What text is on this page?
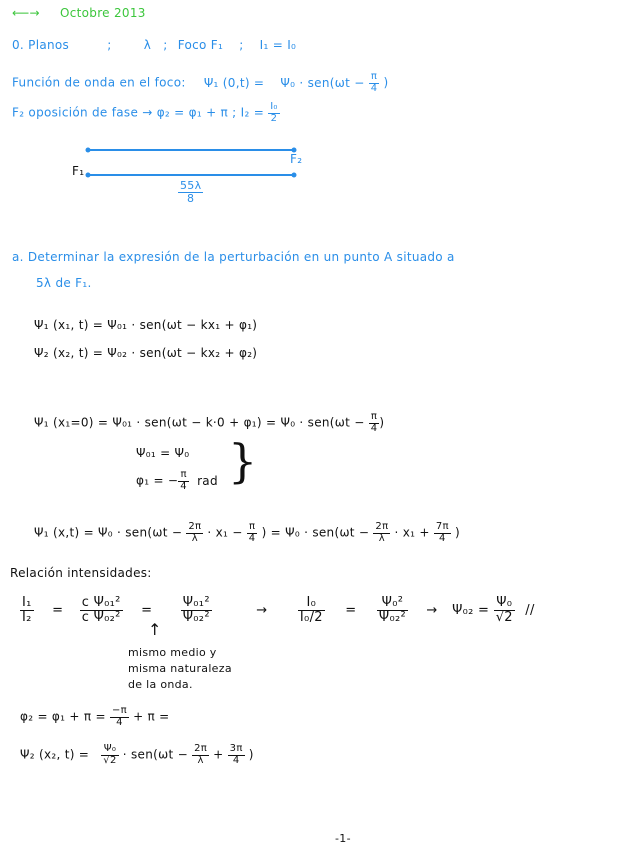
⟵→ Octobre 2013
0. Planos	;	λ ; Foco F₁ ; I₁ = I₀
Función de onda en el foco: Ψ₁ $(0,t) = \Psi_0 \cdot sen(\omega t - \frac{\pi}{4}$ )
F₂ oposición de fase → φ₂ = φ₁ + π ; $I_2 = \frac{\text{I₀}}{2}$
F₁
F₂
$\frac{55\lambda}{8}$
a. Determinar la expresión de la perturbación en un punto A situado a
5λ de F₁.
Ψ₁ (x₁, t) = Ψ₀₁ · sen(ωt − kx₁ + φ₁)
Ψ₂ (x₂, t) = Ψ₀₂ · sen(ωt − kx₂ + φ₂)
Ψ₁ $(x_1=0) = \Psi_{01} \cdot sen(\omega t - k\cdot 0 + \varphi_1) = \Psi_0 \cdot sen(\omega t - \frac{\pi}{4}$ )
Ψ₀₁ = Ψ₀
φ₁ = − $\frac{\pi}{4}$ rad }
Ψ₁ $(x,t) = \Psi_0 \cdot sen(\omega t - \frac{2\pi}{\lambda} \cdot x_1 - \frac{\pi}{4}$ ) = $\Psi_0 \cdot sen(\omega t - \frac{2\pi}{\lambda} \cdot x_1 + \frac{7\pi}{4}$ )
Relación intensidades:
$\frac{\text{I₁}}{\text{I₂}} = \frac{\text{c Ψ₀₁²}}{\text{c Ψ₀₂²}} = \frac{\text{Ψ₀₁²}}{\text{Ψ₀₂²}}$	→ $\frac{\text{I₀}}{\text{I₀/2}} = \frac{\text{Ψ₀²}}{\text{Ψ₀₂²}} \to \Psi_{02} = \frac{\text{Ψ₀}}{√2}$ //
↑
mismo medio y
misma naturaleza
de la onda.
$\varphi_2 = \varphi_1 + \pi = \frac{-\pi}{4} + \pi$ =
Ψ₂ (x₂, $t) = \frac{\text{Ψ₀}}{√2} \cdot sen(\omega t - \frac{2\pi}{\lambda} + \frac{3\pi}{4}$ )
-1-
